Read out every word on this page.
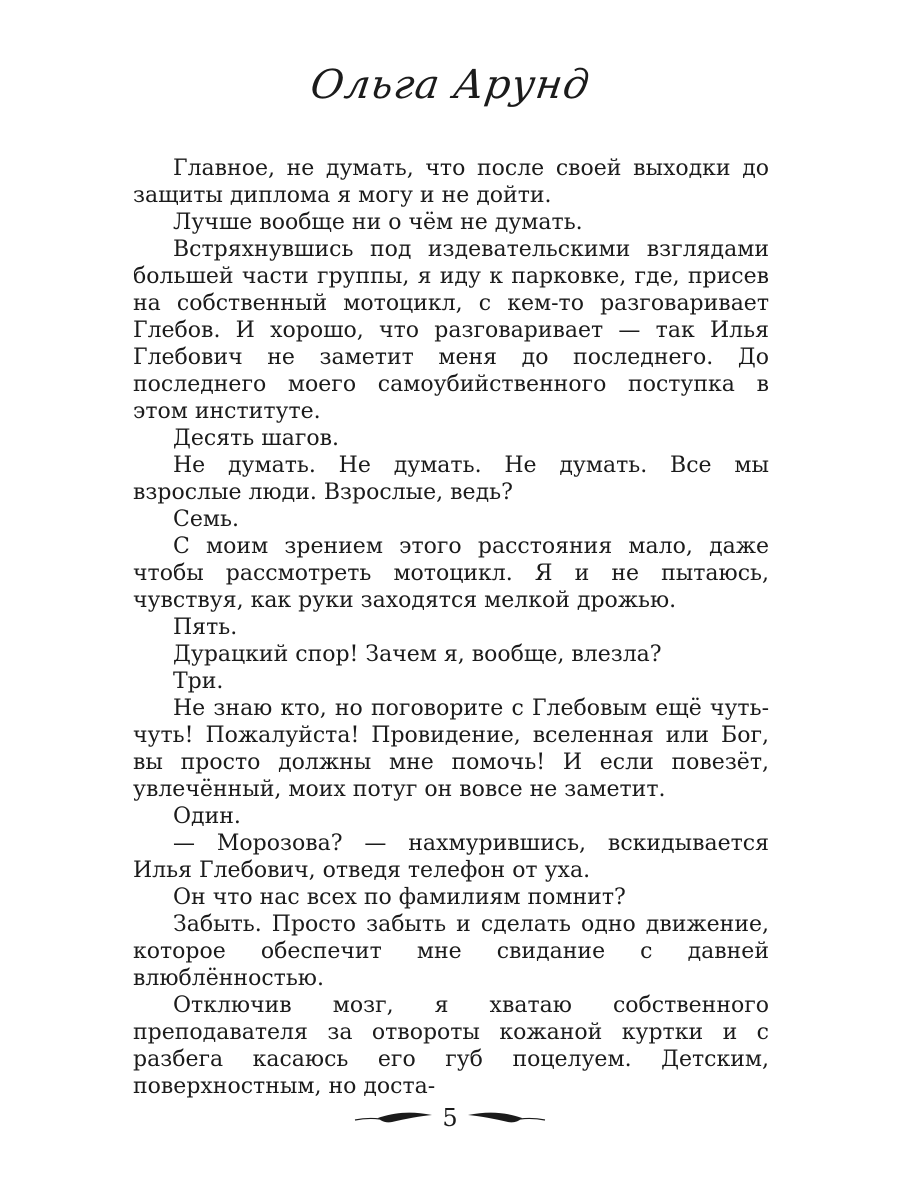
Ольга Арунд

Главное, не думать, что после своей выходки до защиты диплома я могу и не дойти.

Лучше вообще ни о чём не думать.

Встряхнувшись под издевательскими взглядами большей части группы, я иду к парковке, где, присев на собственный мотоцикл, с кем-то разговаривает Глебов. И хорошо, что разговаривает — так Илья Глебович не заметит меня до последнего. До последнего моего самоубийственного поступка в этом институте.

Десять шагов.

Не думать. Не думать. Не думать. Все мы взрослые люди. Взрослые, ведь?

Семь.

С моим зрением этого расстояния мало, даже чтобы рассмотреть мотоцикл. Я и не пытаюсь, чувствуя, как руки заходятся мелкой дрожью.

Пять.

Дурацкий спор! Зачем я, вообще, влезла?

Три.

Не знаю кто, но поговорите с Глебовым ещё чуть-чуть! Пожалуйста! Провидение, вселенная или Бог, вы просто должны мне помочь! И если повезёт, увлечённый, моих потуг он вовсе не заметит.

Один.

— Морозова? — нахмурившись, вскидывается Илья Глебович, отведя телефон от уха.

Он что нас всех по фамилиям помнит?

Забыть. Просто забыть и сделать одно движение, которое обеспечит мне свидание с давней влюблённостью.

Отключив мозг, я хватаю собственного преподавателя за отвороты кожаной куртки и с разбега касаюсь его губ поцелуем. Детским, поверхностным, но доста-

5
